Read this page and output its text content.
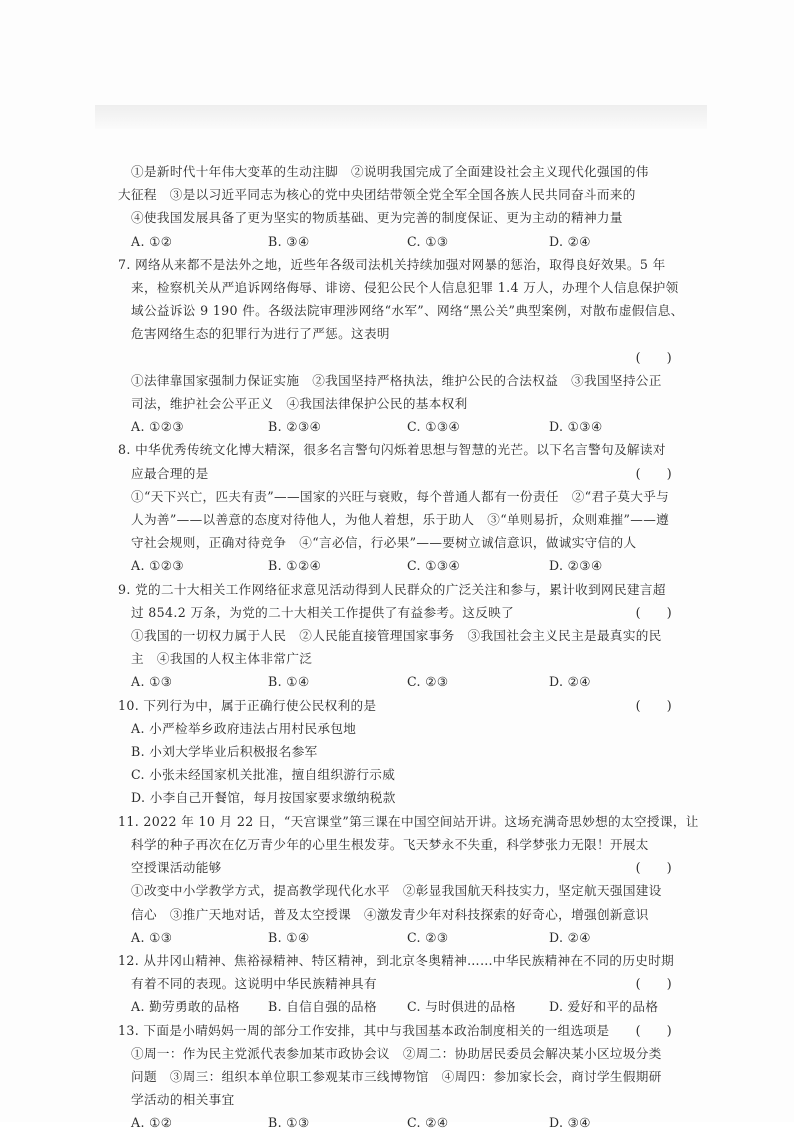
①是新时代十年伟大变革的生动注脚　②说明我国完成了全面建设社会主义现代化强国的伟
大征程　③是以习近平同志为核心的党中央团结带领全党全军全国各族人民共同奋斗而来的
　④使我国发展具备了更为坚实的物质基础、更为完善的制度保证、更为主动的精神力量
A. ①②	B. ③④	C. ①③	D. ②④
7. 网络从来都不是法外之地，近些年各级司法机关持续加强对网暴的惩治，取得良好效果。5 年
来，检察机关从严追诉网络侮辱、诽谤、侵犯公民个人信息犯罪 1.4 万人，办理个人信息保护领
域公益诉讼 9 190 件。各级法院审理涉网络“水军”、网络“黑公关”典型案例，对散布虚假信息、
危害网络生态的犯罪行为进行了严惩。这表明
(　　)
①法律靠国家强制力保证实施　②我国坚持严格执法，维护公民的合法权益　③我国坚持公正
司法，维护社会公平正义　④我国法律保护公民的基本权利
A. ①②③	B. ②③④	C. ①③④	D. ①③④
8. 中华优秀传统文化博大精深，很多名言警句闪烁着思想与智慧的光芒。以下名言警句及解读对
应最合理的是	(　　)
①“天下兴亡，匹夫有责”——国家的兴旺与衰败，每个普通人都有一份责任　②“君子莫大乎与
人为善”——以善意的态度对待他人，为他人着想，乐于助人　③“单则易折，众则难摧”——遵
守社会规则，正确对待竞争　④“言必信，行必果”——要树立诚信意识，做诚实守信的人
A. ①②③	B. ①②④	C. ①③④	D. ②③④
9. 党的二十大相关工作网络征求意见活动得到人民群众的广泛关注和参与，累计收到网民建言超
过 854.2 万条，为党的二十大相关工作提供了有益参考。这反映了	(　　)
①我国的一切权力属于人民　②人民能直接管理国家事务　③我国社会主义民主是最真实的民
主　④我国的人权主体非常广泛
A. ①③	B. ①④	C. ②③	D. ②④
10. 下列行为中，属于正确行使公民权利的是	(　　)
A. 小严检举乡政府违法占用村民承包地
B. 小刘大学毕业后积极报名参军
C. 小张未经国家机关批准，擅自组织游行示威
D. 小李自己开餐馆，每月按国家要求缴纳税款
11. 2022 年 10 月 22 日，“天宫课堂”第三课在中国空间站开讲。这场充满奇思妙想的太空授课，让
科学的种子再次在亿万青少年的心里生根发芽。飞天梦永不失重，科学梦张力无限！开展太
空授课活动能够	(　　)
①改变中小学教学方式，提高教学现代化水平　②彰显我国航天科技实力，坚定航天强国建设
信心　③推广天地对话，普及太空授课　④激发青少年对科技探索的好奇心，增强创新意识
A. ①③	B. ①④	C. ②③	D. ②④
12. 从井冈山精神、焦裕禄精神、特区精神，到北京冬奥精神……中华民族精神在不同的历史时期
有着不同的表现。这说明中华民族精神具有	(　　)
A. 勤劳勇敢的品格	B. 自信自强的品格	C. 与时俱进的品格	D. 爱好和平的品格
13. 下面是小晴妈妈一周的部分工作安排，其中与我国基本政治制度相关的一组选项是 (　　)
①周一：作为民主党派代表参加某市政协会议　②周二：协助居民委员会解决某小区垃圾分类
问题　③周三：组织本单位职工参观某市三线博物馆　④周四：参加家长会，商讨学生假期研
学活动的相关事宜
A. ①②	B. ①③	C. ②④	D. ③④
